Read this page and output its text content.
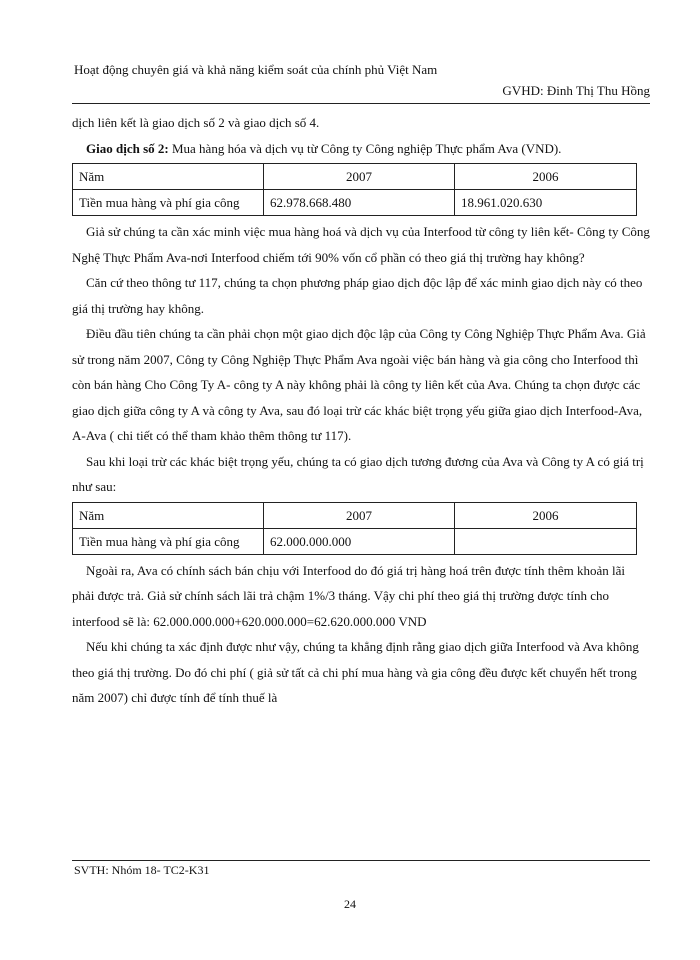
Hoạt động chuyên giá và khả năng kiểm soát của chính phủ Việt Nam
GVHD: Đinh Thị Thu Hồng

dịch liên kết là giao dịch số 2 và giao dịch số 4.

Giao dịch số 2: Mua hàng hóa và dịch vụ từ Công ty Công nghiệp Thực phẩm Ava (VND).

Năm	2007	2006
Tiền mua hàng và phí gia công	62.978.668.480	18.961.020.630

Giả sử chúng ta cần xác minh việc mua hàng hoá và dịch vụ của Interfood từ công ty liên kết- Công ty Công Nghệ Thực Phẩm Ava-nơi Interfood chiếm tới 90% vốn cổ phần có theo giá thị trường hay không?

Căn cứ theo thông tư 117, chúng ta chọn phương pháp giao dịch độc lập để xác minh giao dịch này có theo giá thị trường hay không.

Điều đầu tiên chúng ta cần phải chọn một giao dịch độc lập của Công ty Công Nghiệp Thực Phẩm Ava. Giả sử trong năm 2007, Công ty Công Nghiệp Thực Phẩm Ava ngoài việc bán hàng và gia công cho Interfood thì còn bán hàng Cho Công Ty A- công ty A này không phải là công ty liên kết của Ava. Chúng ta chọn được các giao dịch giữa công ty A và công ty Ava, sau đó loại trừ các khác biệt trọng yếu giữa giao dịch Interfood-Ava, A-Ava ( chi tiết có thể tham khảo thêm thông tư 117).

Sau khi loại trừ các khác biệt trọng yếu, chúng ta có giao dịch tương đương của Ava và Công ty A có giá trị như sau:

Năm	2007	2006
Tiền mua hàng và phí gia công	62.000.000.000	

Ngoài ra, Ava có chính sách bán chịu với Interfood do đó giá trị hàng hoá trên được tính thêm khoản lãi phải được trả. Giả sử chính sách lãi trả chậm 1%/3 tháng. Vậy chi phí theo giá thị trường được tính cho interfood sẽ là: 62.000.000.000+620.000.000=62.620.000.000 VND

Nếu khi chúng ta xác định được như vậy, chúng ta khẳng định rằng giao dịch giữa Interfood và Ava không theo giá thị trường. Do đó chi phí ( giả sử tất cả chi phí mua hàng và gia công đều được kết chuyển hết trong năm 2007) chỉ được tính để tính thuế là

SVTH: Nhóm 18- TC2-K31
24
